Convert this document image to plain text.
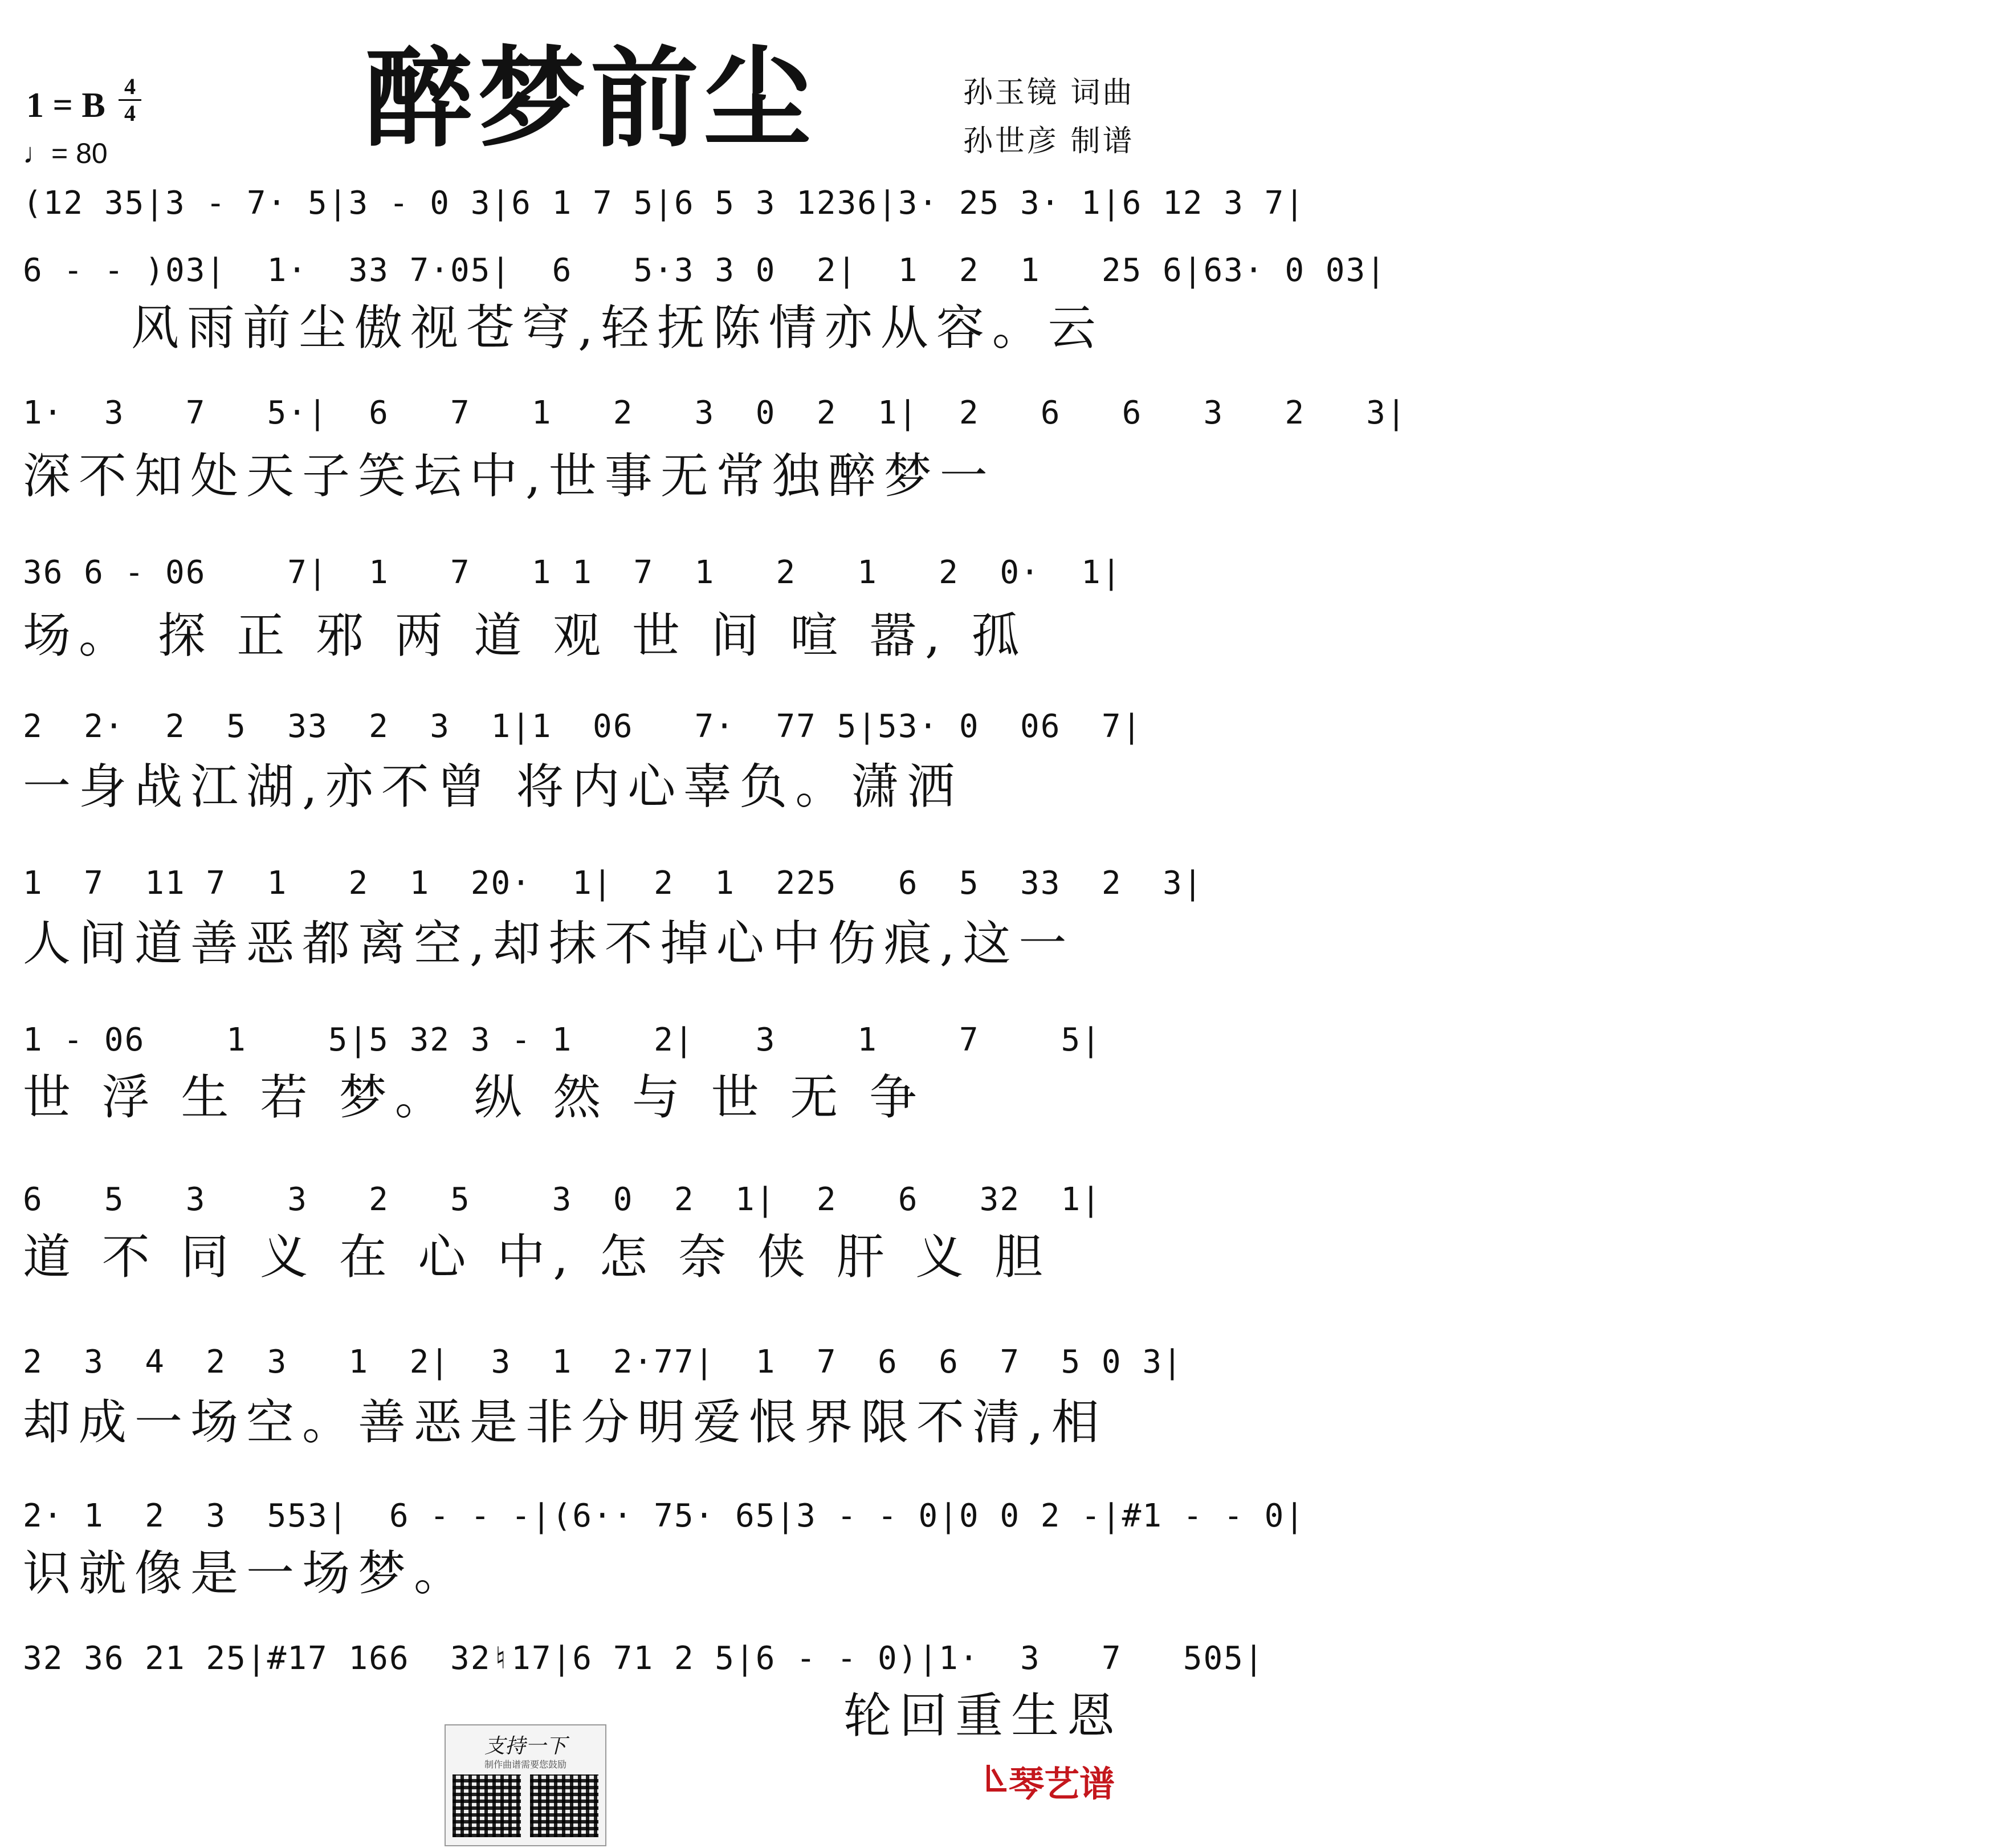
醉梦前尘	孙玉镜 词曲
孙世彦 制谱
1 = B 4
4
♩= 80
(12 35|3 - 7· 5|3 - 0 3|6 1 7 5|6 5 3 1236|3· 25 3· 1|6 12 3 7|
6 - - )03|  1·  33 7·05|  6   5·3 3 0  2|  1  2  1   25 6|63· 0 03|
风雨前尘傲视苍穹,轻抚陈情亦从容。云
1·  3   7   5·|  6   7   1   2   3  0  2  1|  2   6   6   3   2   3|
深不知处天子笑坛中,世事无常独醉梦一
36 6 - 06    7|  1   7   1 1  7  1   2   1   2  0·  1|
场。 探 正 邪 两 道 观 世 间 喧 嚣, 孤
2  2·  2  5  33  2  3  1|1  06   7·  77 5|53· 0  06  7|
一身战江湖,亦不曾 将内心辜负。潇洒
1  7  11 7  1   2  1  20·  1|  2  1  225   6  5  33  2  3|
人间道善恶都离空,却抹不掉心中伤痕,这一
1 - 06    1    5|5 32 3 - 1    2|   3    1    7    5|
世 浮 生 若 梦。 纵 然 与 世 无 争
6   5   3    3   2   5    3  0  2  1|  2   6   32  1|
道 不 同 义 在 心 中, 怎 奈 侠 肝 义 胆
2  3  4  2  3   1  2|  3  1  2·77|  1  7  6  6  7  5 0 3|
却成一场空。善恶是非分明爱恨界限不清,相
2· 1  2  3  553|  6 - - -|(6·· 75· 65|3 - - 0|0 0 2 -|#1 - - 0|
识就像是一场梦。
32 36 21 25|#17 166  32♮17|6 71 2 5|6 - - 0)|1·  3   7   505|
轮回重生恩
支持一下
制作曲谱需要您鼓励	琴艺谱
